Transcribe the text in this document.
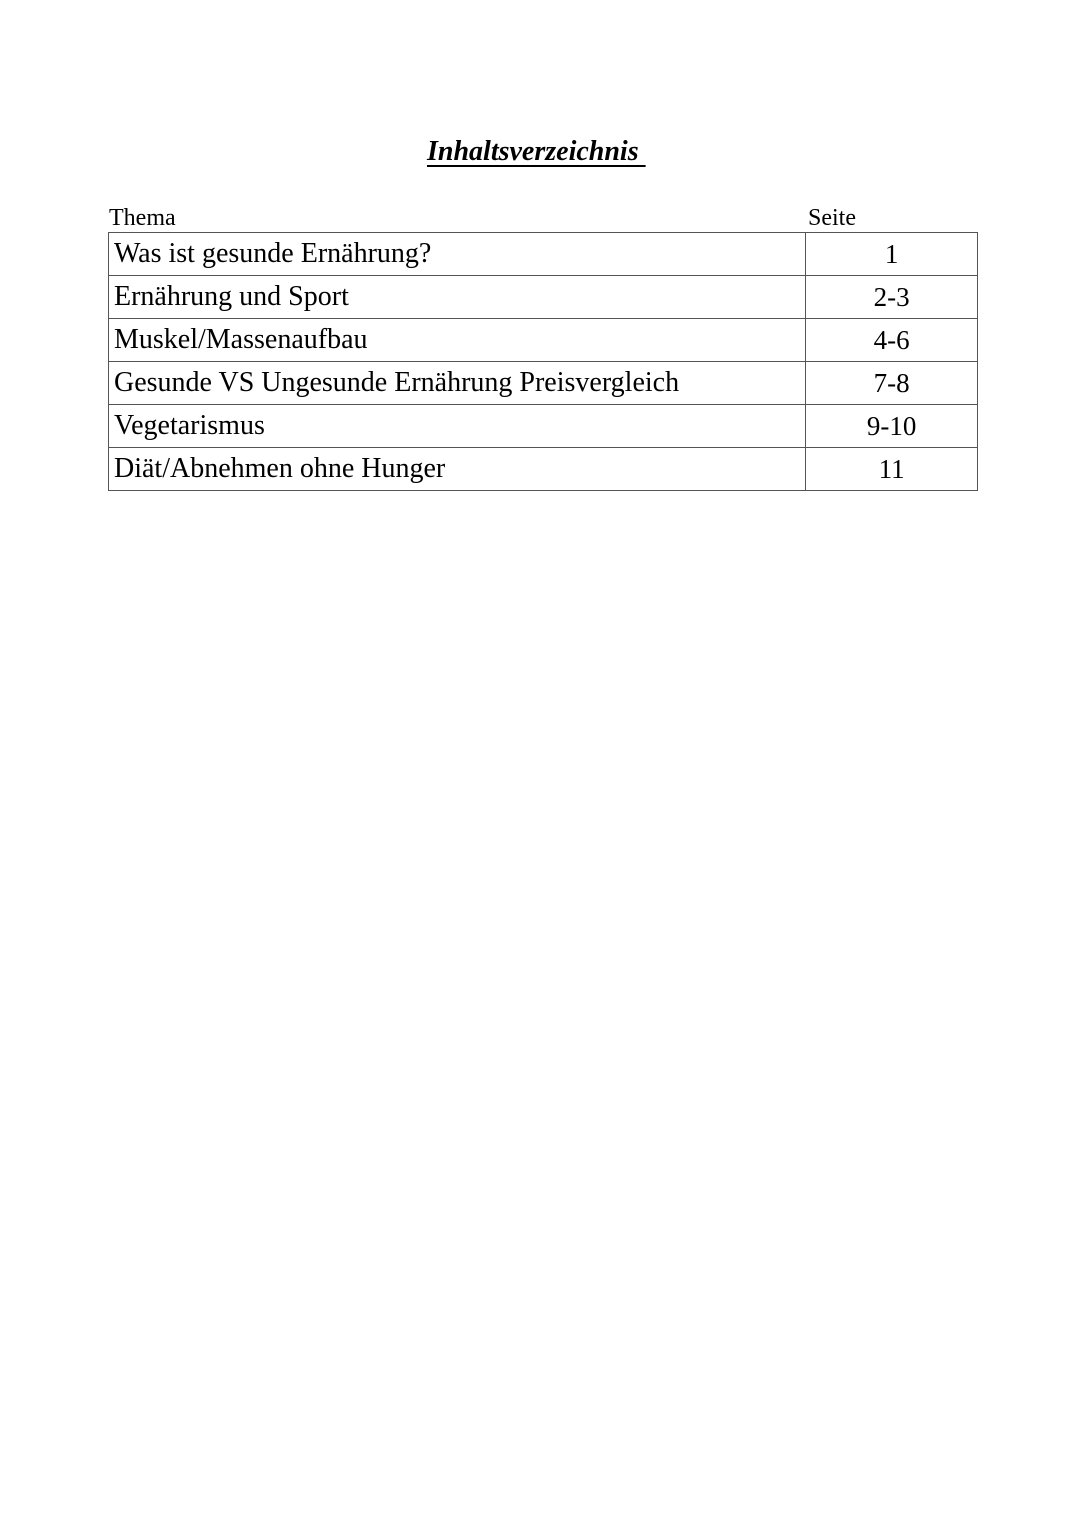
Inhaltsverzeichnis
Thema	Seite
Was ist gesunde Ernährung?	1
Ernährung und Sport	2-3
Muskel/Massenaufbau	4-6
Gesunde VS Ungesunde Ernährung Preisvergleich	7-8
Vegetarismus	9-10
Diät/Abnehmen ohne Hunger	11
